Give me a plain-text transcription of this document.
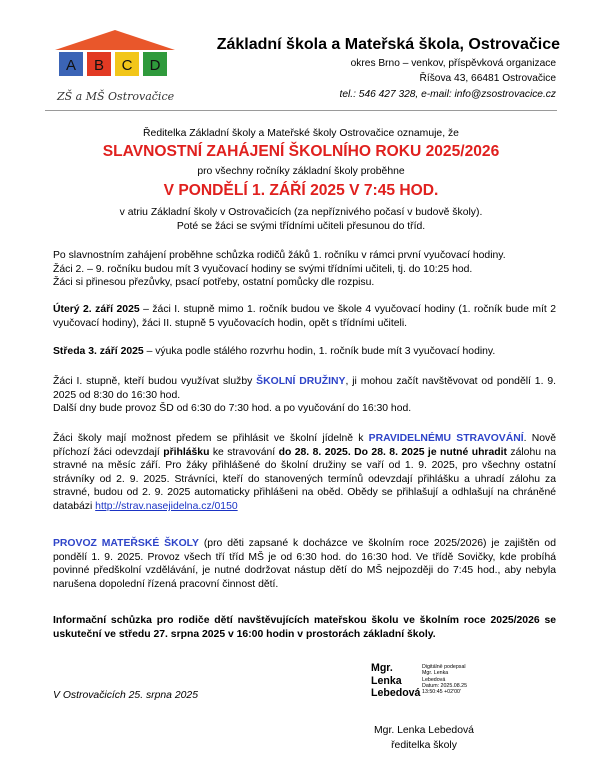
A B C D
ZŠ a MŠ Ostrovačice
Základní škola a Mateřská škola, Ostrovačice
okres Brno – venkov, příspěvková organizace
Říšova 43, 66481 Ostrovačice
tel.: 546 427 328, e-mail: info@zsostrovacice.cz
Ředitelka Základní školy a Mateřské školy Ostrovačice oznamuje, že
SLAVNOSTNÍ ZAHÁJENÍ ŠKOLNÍHO ROKU 2025/2026
pro všechny ročníky základní školy proběhne
V PONDĚLÍ 1. ZÁŘÍ 2025 V 7:45 HOD.
v atriu Základní školy v Ostrovačicích (za nepříznivého počasí v budově školy).
Poté se žáci se svými třídními učiteli přesunou do tříd.

Po slavnostním zahájení proběhne schůzka rodičů žáků 1. ročníku v rámci první vyučovací hodiny.

Žáci 2. – 9. ročníku budou mít 3 vyučovací hodiny se svými třídními učiteli, tj. do 10:25 hod.

Žáci si přinesou přezůvky, psací potřeby, ostatní pomůcky dle rozpisu.

Úterý 2. září 2025 – žáci I. stupně mimo 1. ročník budou ve škole 4 vyučovací hodiny (1. ročník bude mít 2 vyučovací hodiny), žáci II. stupně 5 vyučovacích hodin, opět s třídními učiteli.

Středa 3. září 2025 – výuka podle stálého rozvrhu hodin, 1. ročník bude mít 3 vyučovací hodiny.

Žáci I. stupně, kteří budou využívat služby ŠKOLNÍ DRUŽINY, ji mohou začít navštěvovat od pondělí 1. 9. 2025 od 8:30 do 16:30 hod.

Další dny bude provoz ŠD od 6:30 do 7:30 hod. a po vyučování do 16:30 hod.

Žáci školy mají možnost předem se přihlásit ve školní jídelně k PRAVIDELNÉMU STRAVOVÁNÍ. Nově příchozí žáci odevzdají přihlášku ke stravování do 28. 8. 2025. Do 28. 8. 2025 je nutné uhradit zálohu na stravné na měsíc září. Pro žáky přihlášené do školní družiny se vaří od 1. 9. 2025, pro všechny ostatní strávníky od 2. 9. 2025. Strávníci, kteří do stanovených termínů odevzdají přihlášku a uhradí zálohu za stravné, budou od 2. 9. 2025 automaticky přihlášeni na oběd. Obědy se přihlašují a odhlašují na chráněné databázi http://strav.nasejidelna.cz/0150

PROVOZ MATEŘSKÉ ŠKOLY (pro děti zapsané k docházce ve školním roce 2025/2026) je zajištěn od pondělí 1. 9. 2025. Provoz všech tří tříd MŠ je od 6:30 hod. do 16:30 hod. Ve třídě Sovičky, kde probíhá povinné předškolní vzdělávání, je nutné dodržovat nástup dětí do MŠ nejpozději do 7:45 hod., aby nebyla narušena dopolední řízená pracovní činnost dětí.

Informační schůzka pro rodiče dětí navštěvujících mateřskou školu ve školním roce 2025/2026 se uskuteční ve středu 27. srpna 2025 v 16:00 hodin v prostorách základní školy.

V Ostrovačicích 25. srpna 2025
Mgr.
Lenka
Lebedová
Digitálně podepsal
Mgr. Lenka
Lebedová
Datum: 2025.08.25
13:50:45 +02'00'
Mgr. Lenka Lebedová
ředitelka školy
